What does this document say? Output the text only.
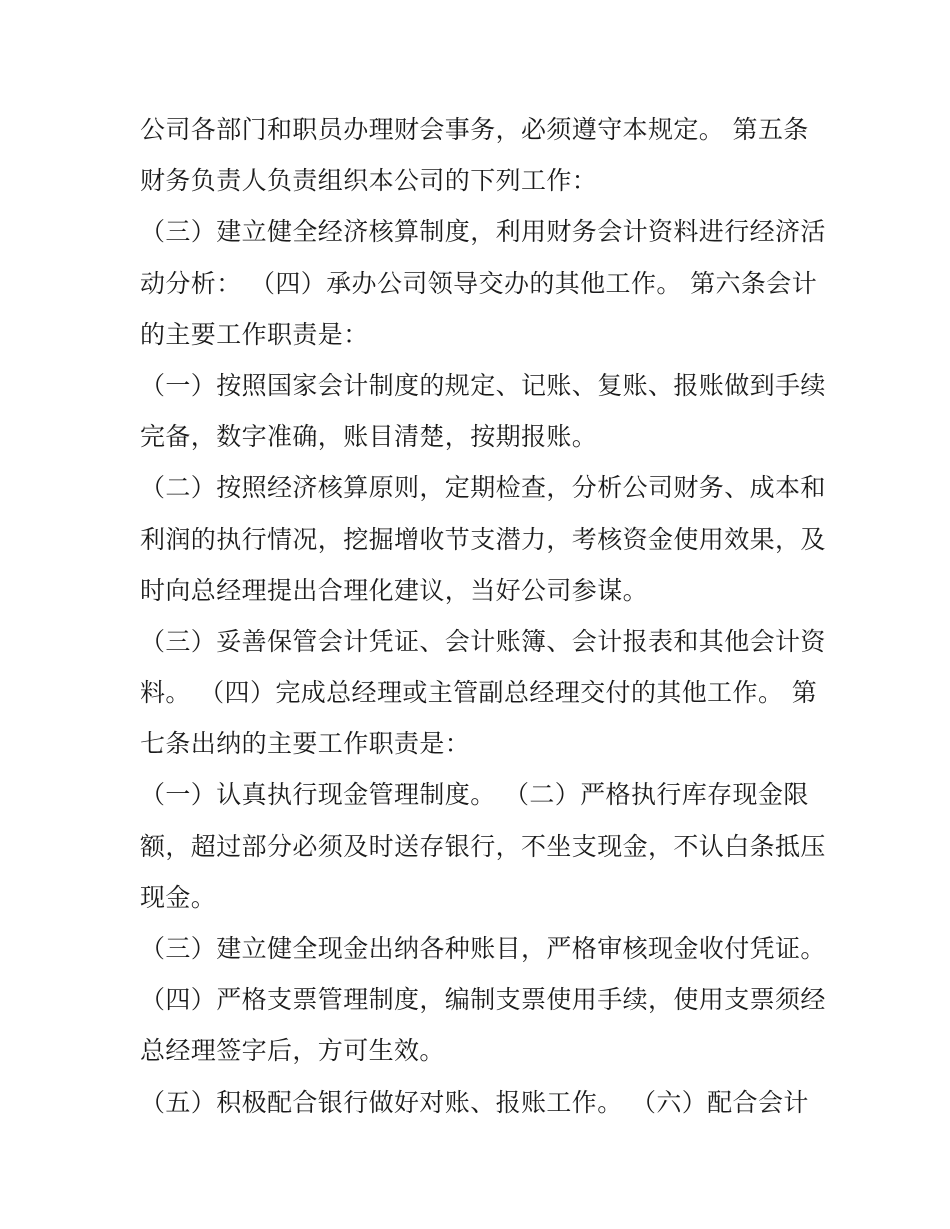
公司各部门和职员办理财会事务，必须遵守本规定。 第五条
财务负责人负责组织本公司的下列工作：
（三）建立健全经济核算制度，利用财务会计资料进行经济活
动分析： （四）承办公司领导交办的其他工作。 第六条会计
的主要工作职责是：
（一）按照国家会计制度的规定、记账、复账、报账做到手续
完备，数字准确，账目清楚，按期报账。
（二）按照经济核算原则，定期检查，分析公司财务、成本和
利润的执行情况，挖掘增收节支潜力，考核资金使用效果，及
时向总经理提出合理化建议，当好公司参谋。
（三）妥善保管会计凭证、会计账簿、会计报表和其他会计资
料。 （四）完成总经理或主管副总经理交付的其他工作。 第
七条出纳的主要工作职责是：
（一）认真执行现金管理制度。 （二）严格执行库存现金限
额，超过部分必须及时送存银行，不坐支现金，不认白条抵压
现金。
（三）建立健全现金出纳各种账目，严格审核现金收付凭证。
（四）严格支票管理制度，编制支票使用手续，使用支票须经
总经理签字后，方可生效。
（五）积极配合银行做好对账、报账工作。 （六）配合会计
